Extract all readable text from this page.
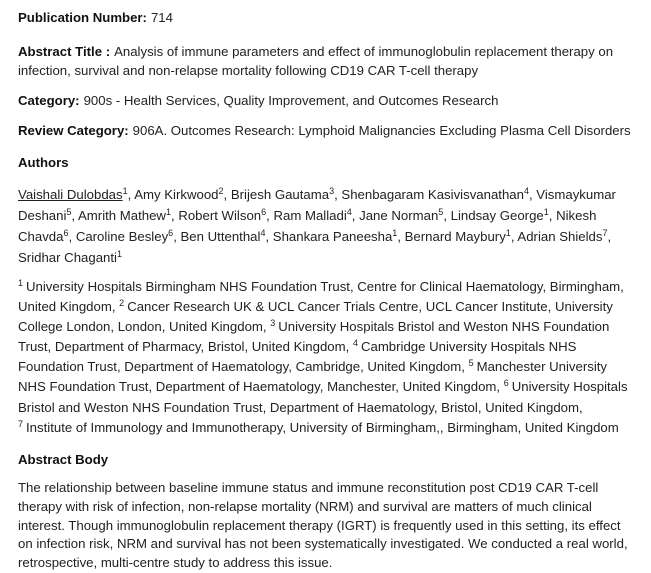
Publication Number: 714

Abstract Title : Analysis of immune parameters and effect of immunoglobulin replacement therapy on infection, survival and non-relapse mortality following CD19 CAR T-cell therapy

Category: 900s - Health Services, Quality Improvement, and Outcomes Research

Review Category: 906A. Outcomes Research: Lymphoid Malignancies Excluding Plasma Cell Disorders

Authors

Vaishali Dulobdas$^1$, Amy Kirkwood$^2$, Brijesh Gautama$^3$, Shenbagaram Kasivisvanathan$^4$, Vismaykumar Deshani$^5$, Amrith Mathew$^1$, Robert Wilson$^6$, Ram Malladi$^4$, Jane Norman$^5$, Lindsay George$^1$, Nikesh Chavda$^6$, Caroline Besley$^6$, Ben Uttenthal$^4$, Shankara Paneesha$^1$, Bernard Maybury$^1$, Adrian Shields$^7$, Sridhar Chaganti$^1$

$^1$ University Hospitals Birmingham NHS Foundation Trust, Centre for Clinical Haematology, Birmingham, United Kingdom, $^2$ Cancer Research UK & UCL Cancer Trials Centre, UCL Cancer Institute, University College London, London, United Kingdom, $^3$ University Hospitals Bristol and Weston NHS Foundation Trust, Department of Pharmacy, Bristol, United Kingdom, $^4$ Cambridge University Hospitals NHS Foundation Trust, Department of Haematology, Cambridge, United Kingdom, $^5$ Manchester University NHS Foundation Trust, Department of Haematology, Manchester, United Kingdom, $^6$ University Hospitals Bristol and Weston NHS Foundation Trust, Department of Haematology, Bristol, United Kingdom, $^7$ Institute of Immunology and Immunotherapy, University of Birmingham,, Birmingham, United Kingdom

Abstract Body

The relationship between baseline immune status and immune reconstitution post CD19 CAR T-cell therapy with risk of infection, non-relapse mortality (NRM) and survival are matters of much clinical interest. Though immunoglobulin replacement therapy (IGRT) is frequently used in this setting, its effect on infection risk, NRM and survival has not been systematically investigated. We conducted a real world, retrospective, multi-centre study to address this issue.
